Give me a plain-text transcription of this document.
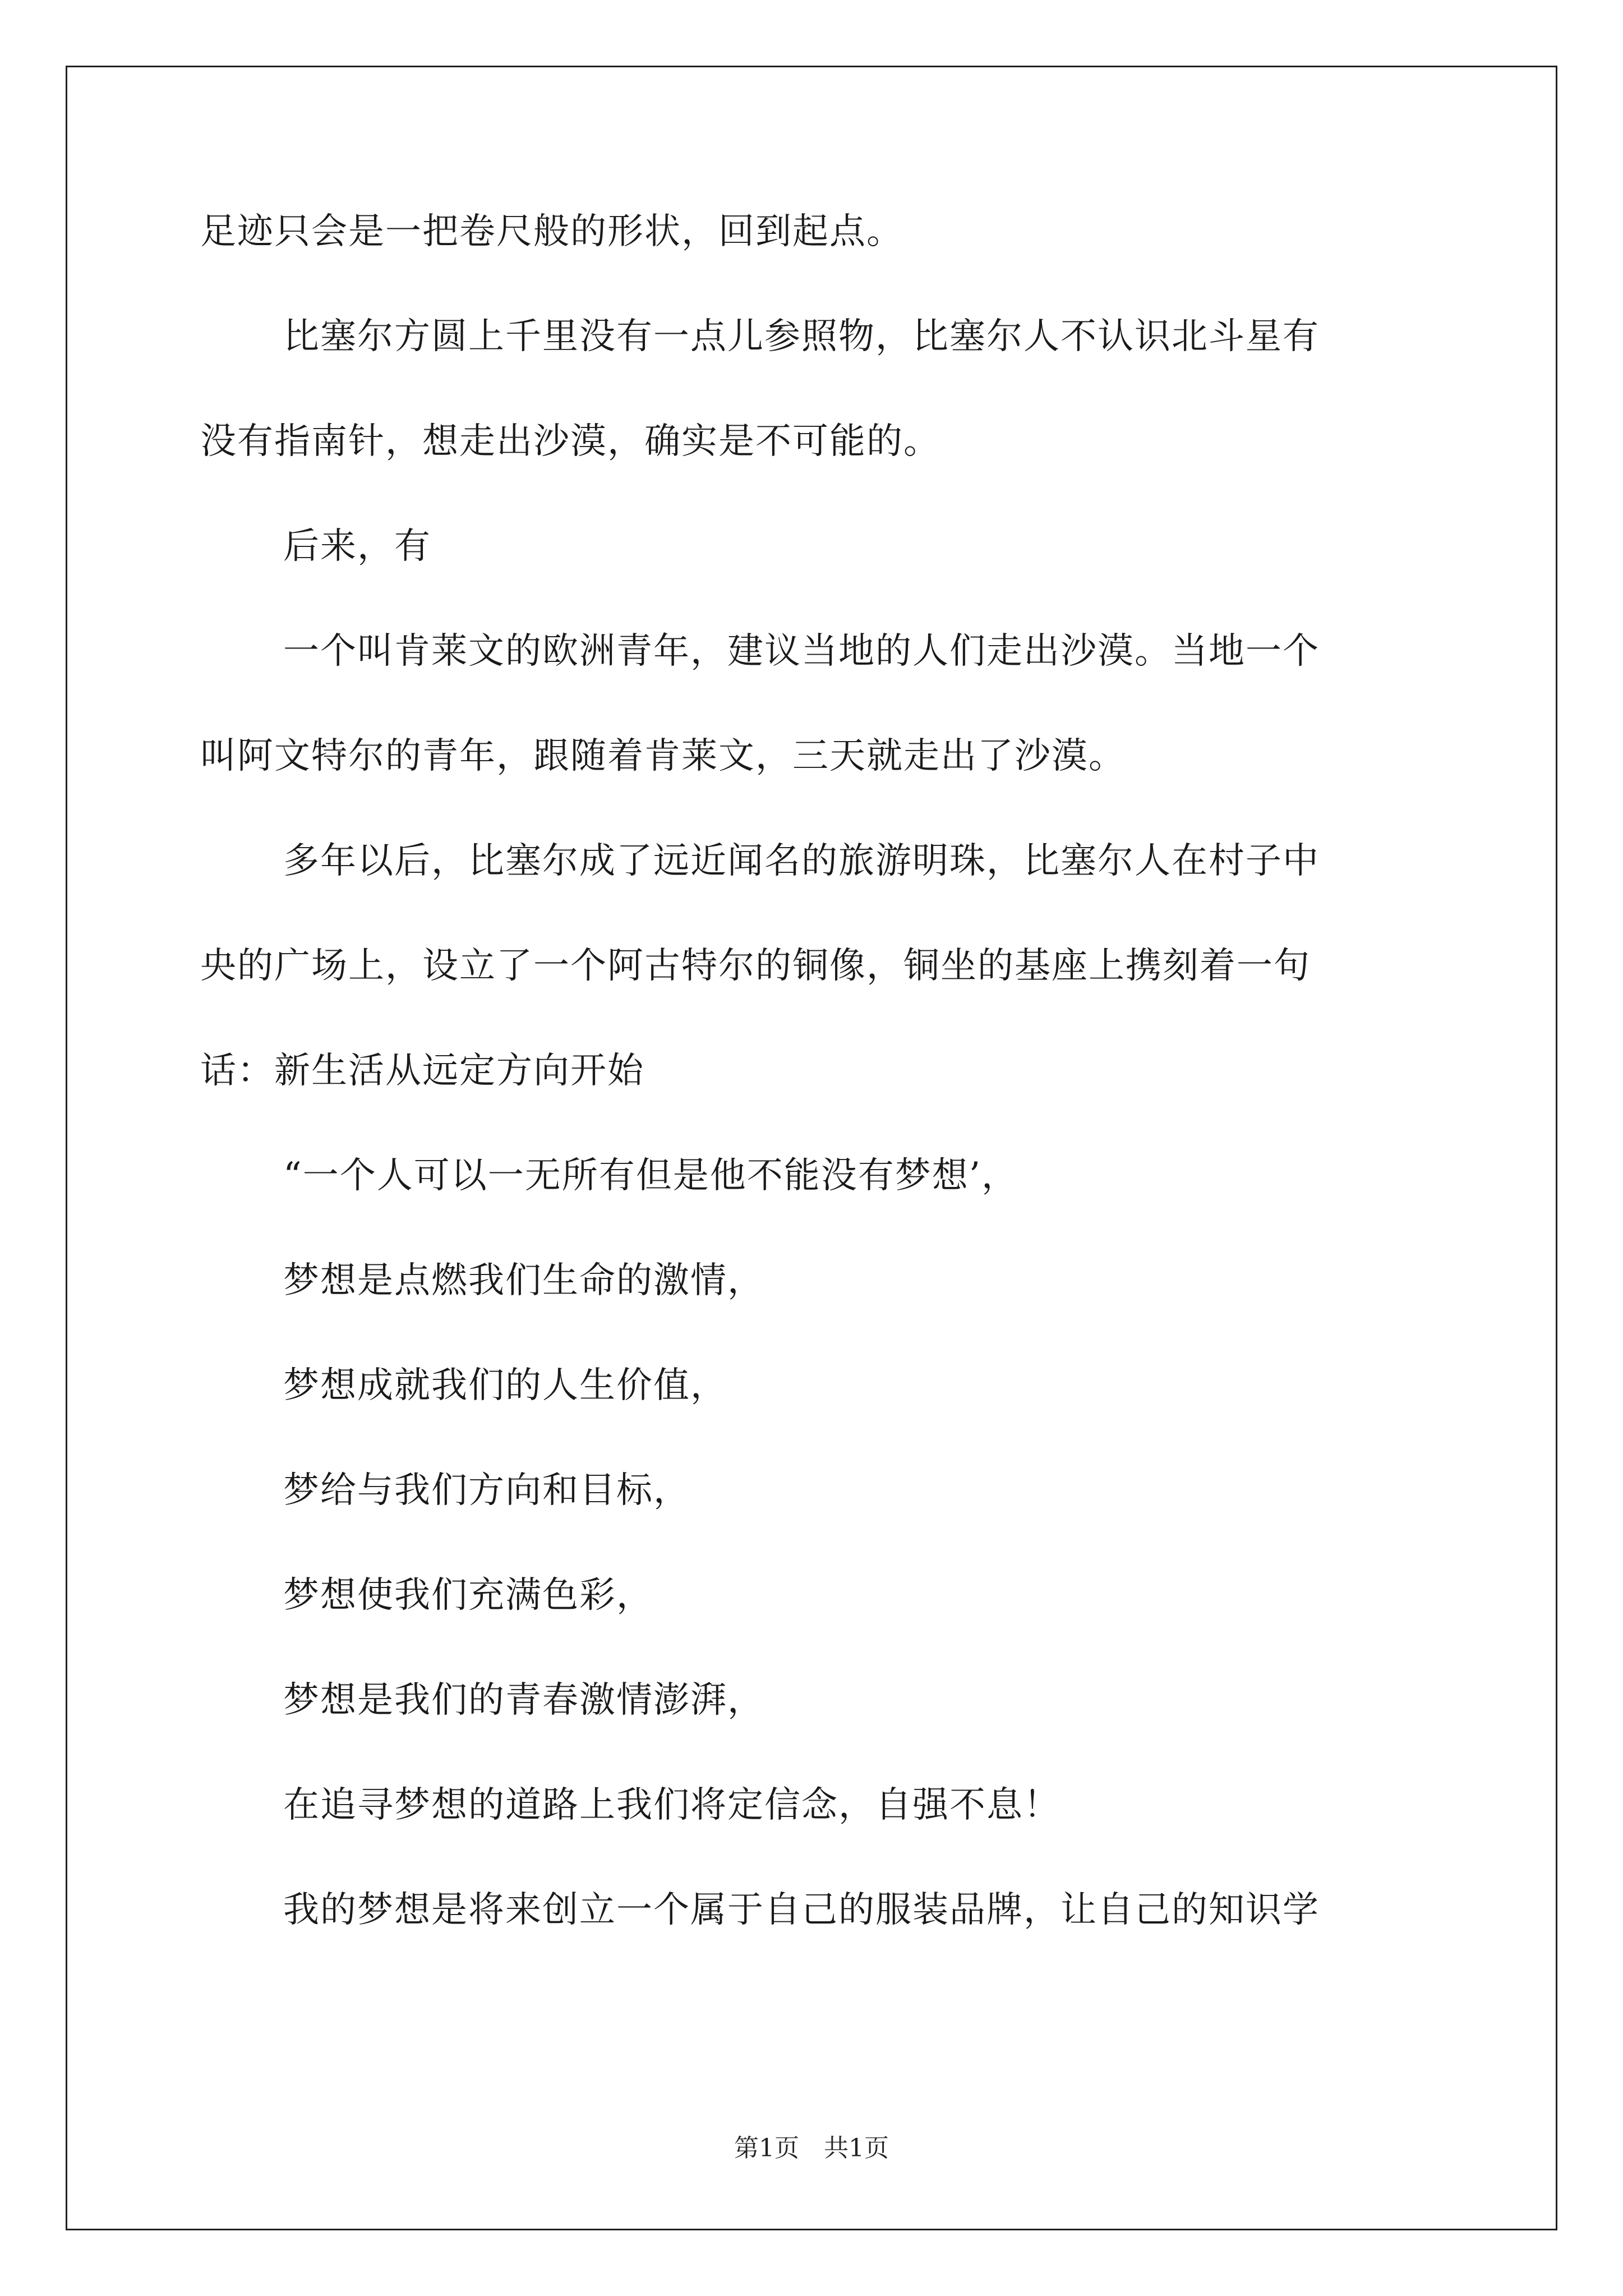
足迹只会是一把卷尺般的形状，回到起点。
比塞尔方圆上千里没有一点儿参照物，比塞尔人不认识北斗星有
没有指南针，想走出沙漠，确实是不可能的。
后来，有
一个叫肯莱文的欧洲青年，建议当地的人们走出沙漠。当地一个
叫阿文特尔的青年，跟随着肯莱文，三天就走出了沙漠。
多年以后，比塞尔成了远近闻名的旅游明珠，比塞尔人在村子中
央的广场上，设立了一个阿古特尔的铜像，铜坐的基座上携刻着一句
话：新生活从远定方向开始
“一个人可以一无所有但是他不能没有梦想’，
梦想是点燃我们生命的激情，
梦想成就我们的人生价值，
梦给与我们方向和目标，
梦想使我们充满色彩，
梦想是我们的青春激情澎湃，
在追寻梦想的道路上我们将定信念，自强不息！
我的梦想是将来创立一个属于自己的服装品牌，让自己的知识学
第1页　共1页
